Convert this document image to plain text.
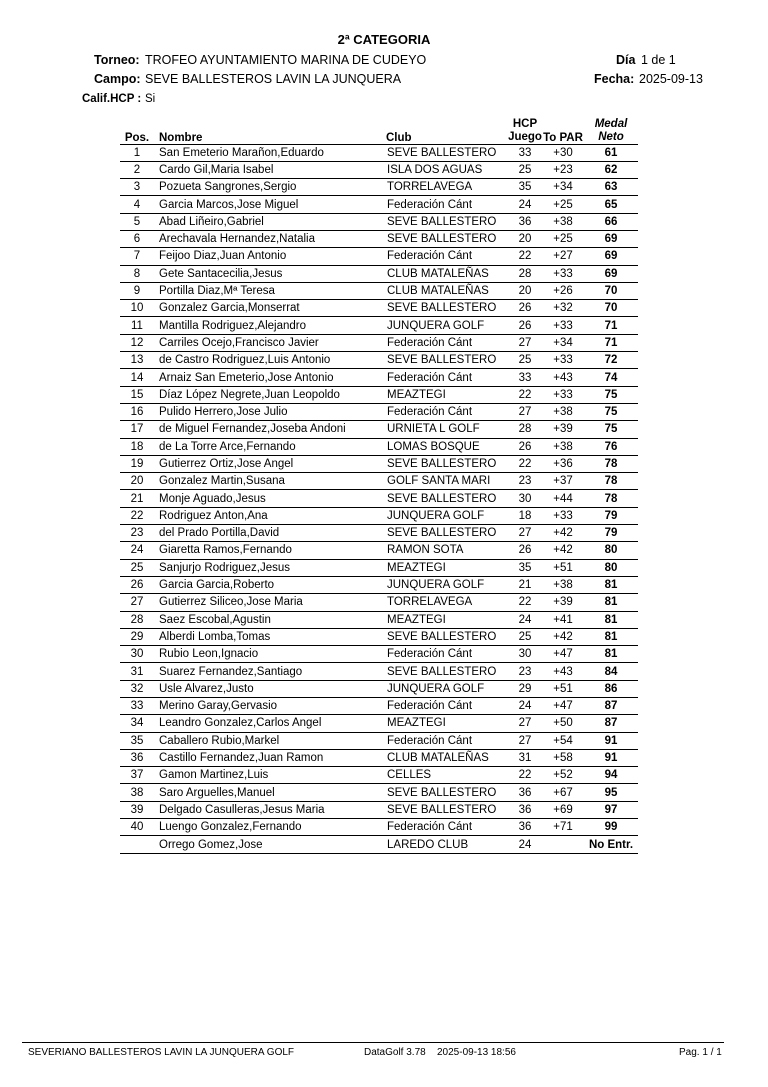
2ª CATEGORIA
Torneo: TROFEO AYUNTAMIENTO MARINA DE CUDEYO
Campo: SEVE BALLESTEROS LAVIN LA JUNQUERA
Día 1 de 1
Fecha: 2025-09-13
Calif.HCP : Si
Pos.	Nombre	Club	HCP
Juego	To PAR	Medal
Neto

1	San Emeterio Marañon,Eduardo	SEVE BALLESTERO	33	+30	61
2	Cardo Gil,Maria Isabel	ISLA DOS AGUAS	25	+23	62
3	Pozueta Sangrones,Sergio	TORRELAVEGA	35	+34	63
4	Garcia Marcos,Jose Miguel	Federación Cánt	24	+25	65
5	Abad Liñeiro,Gabriel	SEVE BALLESTERO	36	+38	66
6	Arechavala Hernandez,Natalia	SEVE BALLESTERO	20	+25	69
7	Feijoo Diaz,Juan Antonio	Federación Cánt	22	+27	69
8	Gete Santacecilia,Jesus	CLUB MATALEÑAS	28	+33	69
9	Portilla Diaz,Mª Teresa	CLUB MATALEÑAS	20	+26	70
10	Gonzalez Garcia,Monserrat	SEVE BALLESTERO	26	+32	70
11	Mantilla Rodriguez,Alejandro	JUNQUERA GOLF	26	+33	71
12	Carriles Ocejo,Francisco Javier	Federación Cánt	27	+34	71
13	de Castro Rodriguez,Luis Antonio	SEVE BALLESTERO	25	+33	72
14	Arnaiz San Emeterio,Jose Antonio	Federación Cánt	33	+43	74
15	Díaz López Negrete,Juan Leopoldo	MEAZTEGI	22	+33	75
16	Pulido Herrero,Jose Julio	Federación Cánt	27	+38	75
17	de Miguel Fernandez,Joseba Andoni	URNIETA L GOLF	28	+39	75
18	de La Torre Arce,Fernando	LOMAS BOSQUE	26	+38	76
19	Gutierrez Ortiz,Jose Angel	SEVE BALLESTERO	22	+36	78
20	Gonzalez Martin,Susana	GOLF SANTA MARI	23	+37	78
21	Monje Aguado,Jesus	SEVE BALLESTERO	30	+44	78
22	Rodriguez Anton,Ana	JUNQUERA GOLF	18	+33	79
23	del Prado Portilla,David	SEVE BALLESTERO	27	+42	79
24	Giaretta Ramos,Fernando	RAMON SOTA	26	+42	80
25	Sanjurjo Rodriguez,Jesus	MEAZTEGI	35	+51	80
26	Garcia Garcia,Roberto	JUNQUERA GOLF	21	+38	81
27	Gutierrez Siliceo,Jose Maria	TORRELAVEGA	22	+39	81
28	Saez Escobal,Agustin	MEAZTEGI	24	+41	81
29	Alberdi Lomba,Tomas	SEVE BALLESTERO	25	+42	81
30	Rubio Leon,Ignacio	Federación Cánt	30	+47	81
31	Suarez Fernandez,Santiago	SEVE BALLESTERO	23	+43	84
32	Usle Alvarez,Justo	JUNQUERA GOLF	29	+51	86
33	Merino Garay,Gervasio	Federación Cánt	24	+47	87
34	Leandro Gonzalez,Carlos Angel	MEAZTEGI	27	+50	87
35	Caballero Rubio,Markel	Federación Cánt	27	+54	91
36	Castillo Fernandez,Juan Ramon	CLUB MATALEÑAS	31	+58	91
37	Gamon Martinez,Luis	CELLES	22	+52	94
38	Saro Arguelles,Manuel	SEVE BALLESTERO	36	+67	95
39	Delgado Casulleras,Jesus Maria	SEVE BALLESTERO	36	+69	97
40	Luengo Gonzalez,Fernando	Federación Cánt	36	+71	99
	Orrego Gomez,Jose	LAREDO CLUB	24		No Entr.
SEVERIANO BALLESTEROS LAVIN LA JUNQUERA GOLF	DataGolf 3.78 2025-09-13 18:56	Pag. 1 / 1
